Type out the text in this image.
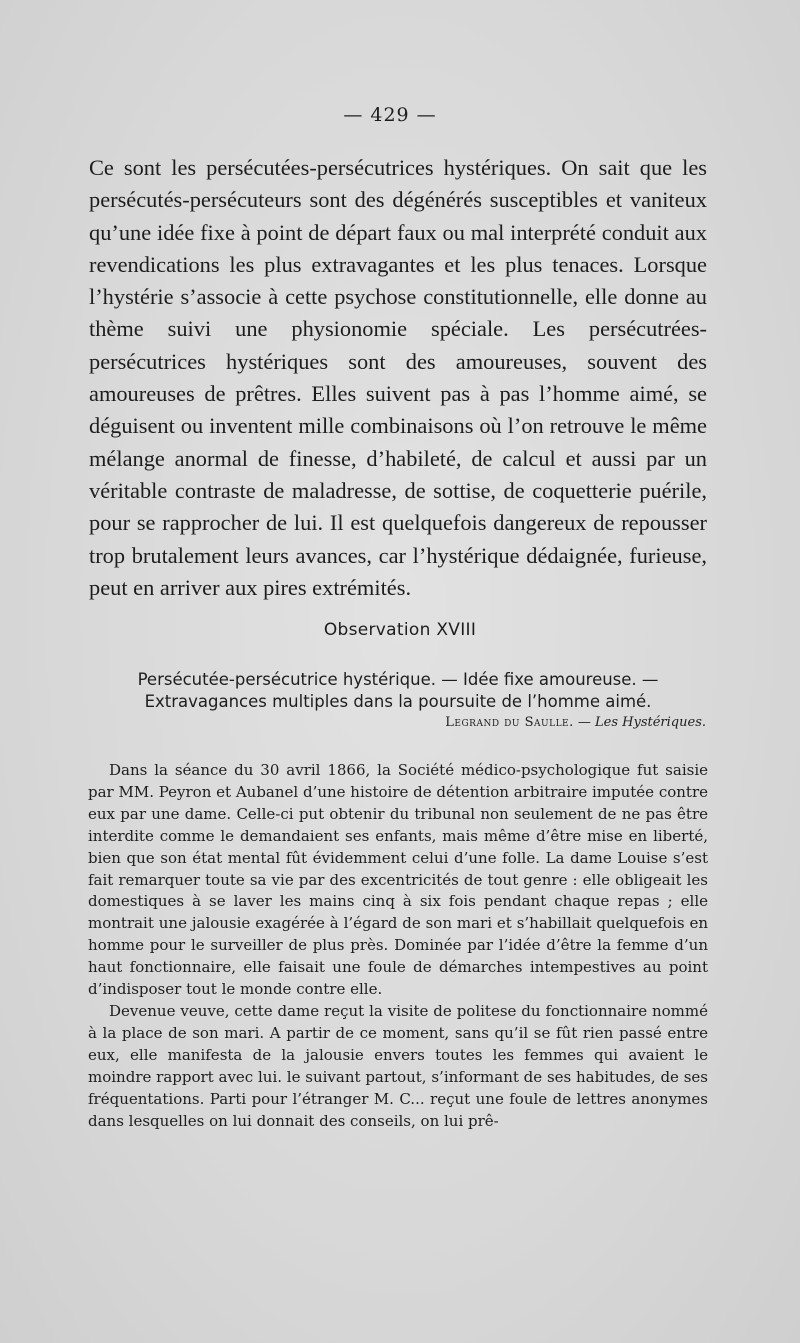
— 429 —

Ce sont les persécutées-persécutrices hystériques. On sait que les persécutés-persécuteurs sont des dégénérés susceptibles et vaniteux qu’une idée fixe à point de départ faux ou mal interprété conduit aux revendications les plus extravagantes et les plus tenaces. Lorsque l’hystérie s’associe à cette psychose constitutionnelle, elle donne au thème suivi une physionomie spéciale. Les persécutrées-persécutrices hystériques sont des amoureuses, souvent des amoureuses de prêtres. Elles suivent pas à pas l’homme aimé, se déguisent ou inventent mille combinaisons où l’on retrouve le même mélange anormal de finesse, d’habileté, de calcul et aussi par un véritable contraste de maladresse, de sottise, de coquetterie puérile, pour se rapprocher de lui. Il est quelquefois dangereux de repousser trop brutalement leurs avances, car l’hystérique dédaignée, furieuse, peut en arriver aux pires extrémités.

Observation XVIII

Persécutée-persécutrice hystérique. — Idée fixe amoureuse. —

Extravagances multiples dans la poursuite de l’homme aimé.

Legrand du Saulle. — Les Hystériques.

Dans la séance du 30 avril 1866, la Société médico-psychologique fut saisie par MM. Peyron et Aubanel d’une histoire de détention arbitraire imputée contre eux par une dame. Celle-ci put obtenir du tribunal non seulement de ne pas être interdite comme le demandaient ses enfants, mais même d’être mise en liberté, bien que son état mental fût évidemment celui d’une folle. La dame Louise s’est fait remarquer toute sa vie par des excentricités de tout genre : elle obligeait les domestiques à se laver les mains cinq à six fois pendant chaque repas ; elle montrait une jalousie exagérée à l’égard de son mari et s’habillait quelquefois en homme pour le surveiller de plus près. Dominée par l’idée d’être la femme d’un haut fonctionnaire, elle faisait une foule de démarches intempestives au point d’indisposer tout le monde contre elle.

Devenue veuve, cette dame reçut la visite de politese du fonctionnaire nommé à la place de son mari. A partir de ce moment, sans qu’il se fût rien passé entre eux, elle manifesta de la jalousie envers toutes les femmes qui avaient le moindre rapport avec lui. le suivant partout, s’informant de ses habitudes, de ses fréquentations. Parti pour l’étranger M. C... reçut une foule de lettres anonymes dans lesquelles on lui donnait des conseils, on lui prê-
